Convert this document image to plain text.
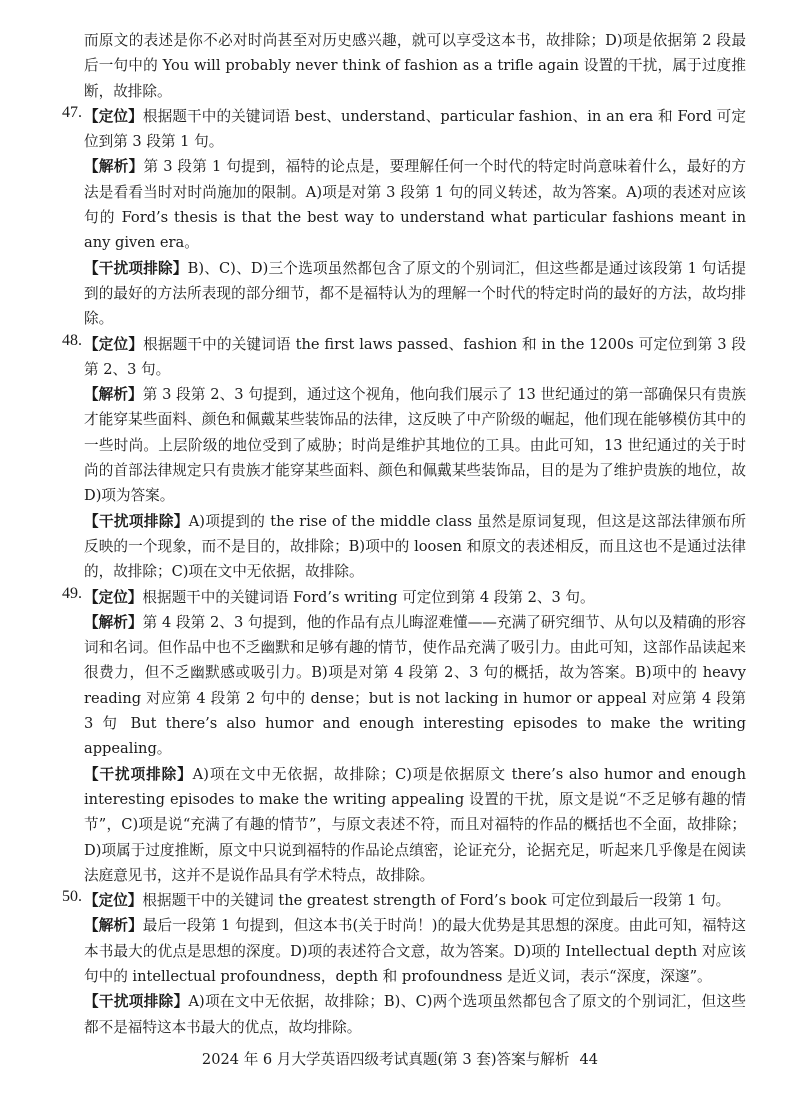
而原文的表述是你不必对时尚甚至对历史感兴趣，就可以享受这本书，故排除；D)项是依据第 2 段最后一句中的 You will probably never think of fashion as a trifle again 设置的干扰，属于过度推断，故排除。

47. 【定位】根据题干中的关键词语 best、understand、particular fashion、in an era 和 Ford 可定位到第 3 段第 1 句。

【解析】第 3 段第 1 句提到，福特的论点是，要理解任何一个时代的特定时尚意味着什么，最好的方法是看看当时对时尚施加的限制。A)项是对第 3 段第 1 句的同义转述，故为答案。A)项的表述对应该句的 Ford’s thesis is that the best way to understand what particular fashions meant in any given era。

【干扰项排除】B)、C)、D)三个选项虽然都包含了原文的个别词汇，但这些都是通过该段第 1 句话提到的最好的方法所表现的部分细节，都不是福特认为的理解一个时代的特定时尚的最好的方法，故均排除。

48. 【定位】根据题干中的关键词语 the first laws passed、fashion 和 in the 1200s 可定位到第 3 段第 2、3 句。

【解析】第 3 段第 2、3 句提到，通过这个视角，他向我们展示了 13 世纪通过的第一部确保只有贵族才能穿某些面料、颜色和佩戴某些装饰品的法律，这反映了中产阶级的崛起，他们现在能够模仿其中的一些时尚。上层阶级的地位受到了威胁；时尚是维护其地位的工具。由此可知，13 世纪通过的关于时尚的首部法律规定只有贵族才能穿某些面料、颜色和佩戴某些装饰品，目的是为了维护贵族的地位，故 D)项为答案。

【干扰项排除】A)项提到的 the rise of the middle class 虽然是原词复现，但这是这部法律颁布所反映的一个现象，而不是目的，故排除；B)项中的 loosen 和原文的表述相反，而且这也不是通过法律的，故排除；C)项在文中无依据，故排除。

49. 【定位】根据题干中的关键词语 Ford’s writing 可定位到第 4 段第 2、3 句。

【解析】第 4 段第 2、3 句提到，他的作品有点儿晦涩难懂——充满了研究细节、从句以及精确的形容词和名词。但作品中也不乏幽默和足够有趣的情节，使作品充满了吸引力。由此可知，这部作品读起来很费力，但不乏幽默感或吸引力。B)项是对第 4 段第 2、3 句的概括，故为答案。B)项中的 heavy reading 对应第 4 段第 2 句中的 dense；but is not lacking in humor or appeal 对应第 4 段第 3 句 But there’s also humor and enough interesting episodes to make the writing appealing。

【干扰项排除】A)项在文中无依据，故排除；C)项是依据原文 there’s also humor and enough interesting episodes to make the writing appealing 设置的干扰，原文是说“不乏足够有趣的情节”，C)项是说“充满了有趣的情节”，与原文表述不符，而且对福特的作品的概括也不全面，故排除；D)项属于过度推断，原文中只说到福特的作品论点缜密，论证充分，论据充足，听起来几乎像是在阅读法庭意见书，这并不是说作品具有学术特点，故排除。

50. 【定位】根据题干中的关键词 the greatest strength of Ford’s book 可定位到最后一段第 1 句。

【解析】最后一段第 1 句提到，但这本书(关于时尚！)的最大优势是其思想的深度。由此可知，福特这本书最大的优点是思想的深度。D)项的表述符合文意，故为答案。D)项的 Intellectual depth 对应该句中的 intellectual profoundness，depth 和 profoundness 是近义词，表示“深度，深邃”。

【干扰项排除】A)项在文中无依据，故排除；B)、C)两个选项虽然都包含了原文的个别词汇，但这些都不是福特这本书最大的优点，故均排除。

2024 年 6 月大学英语四级考试真题(第 3 套)答案与解析 44
